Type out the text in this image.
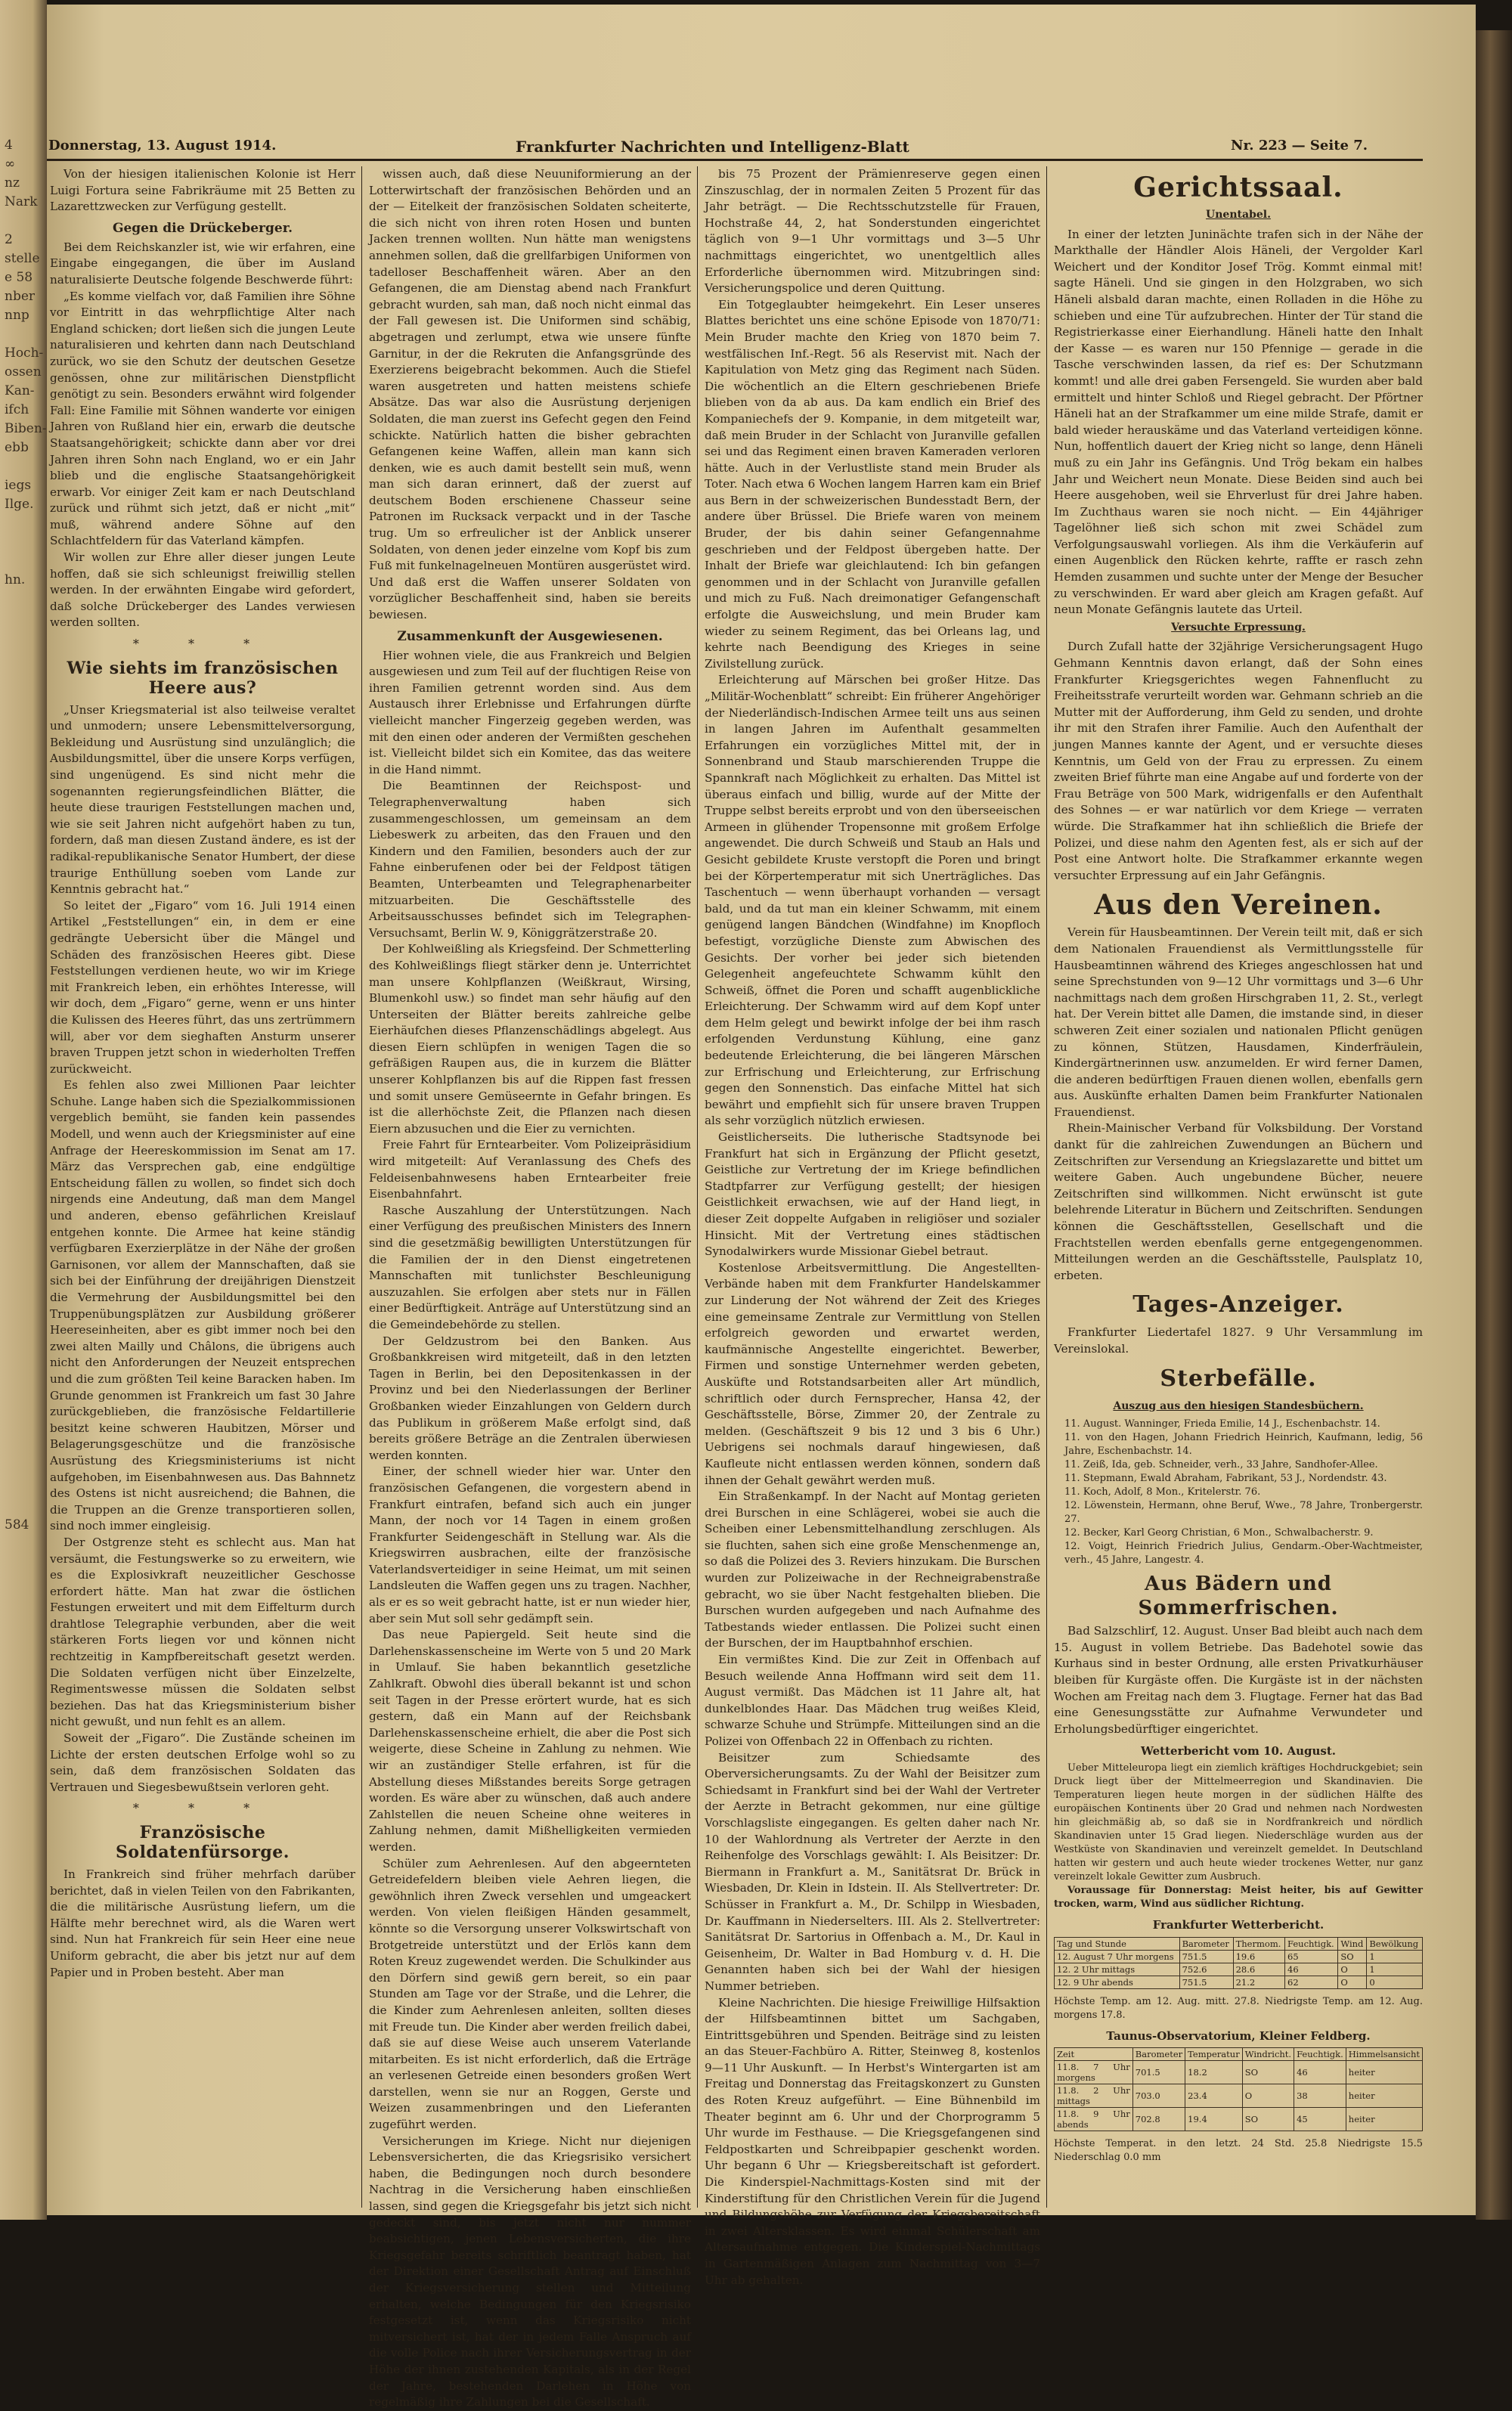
4
∞
nz
Nark

2
stelle
e 58
nber
nnp

Hoch-
ossen
Kan-
ifch
Biben-
ebb

iegs
Ilge.

hn.

584

Donnerstag, 13. August 1914.	Frankfurter Nachrichten und Intelligenz-Blatt	Nr. 223 — Seite 7.

Von der hiesigen italienischen Kolonie ist Herr Luigi Fortura seine Fabrikräume mit 25 Betten zu Lazarettzwecken zur Verfügung gestellt.

Gegen die Drückeberger.

Bei dem Reichskanzler ist, wie wir erfahren, eine Eingabe eingegangen, die über im Ausland naturalisierte Deutsche folgende Beschwerde führt:

„Es komme vielfach vor, daß Familien ihre Söhne vor Eintritt in das wehrpflichtige Alter nach England schicken; dort ließen sich die jungen Leute naturalisieren und kehrten dann nach Deutschland zurück, wo sie den Schutz der deutschen Gesetze genössen, ohne zur militärischen Dienstpflicht genötigt zu sein. Besonders erwähnt wird folgender Fall: Eine Familie mit Söhnen wanderte vor einigen Jahren von Rußland hier ein, erwarb die deutsche Staatsangehörigkeit; schickte dann aber vor drei Jahren ihren Sohn nach England, wo er ein Jahr blieb und die englische Staatsangehörigkeit erwarb. Vor einiger Zeit kam er nach Deutschland zurück und rühmt sich jetzt, daß er nicht „mit“ muß, während andere Söhne auf den Schlachtfeldern für das Vaterland kämpfen.

Wir wollen zur Ehre aller dieser jungen Leute hoffen, daß sie sich schleunigst freiwillig stellen werden. In der erwähnten Eingabe wird gefordert, daß solche Drückeberger des Landes verwiesen werden sollten.

* * *
Wie siehts im französischen Heere aus?

„Unser Kriegsmaterial ist also teilweise veraltet und unmodern; unsere Lebensmittelversorgung, Bekleidung und Ausrüstung sind unzulänglich; die Ausbildungsmittel, über die unsere Korps verfügen, sind ungenügend. Es sind nicht mehr die sogenannten regierungsfeindlichen Blätter, die heute diese traurigen Feststellungen machen und, wie sie seit Jahren nicht aufgehört haben zu tun, fordern, daß man diesen Zustand ändere, es ist der radikal-republikanische Senator Humbert, der diese traurige Enthüllung soeben vom Lande zur Kenntnis gebracht hat.“

So leitet der „Figaro“ vom 16. Juli 1914 einen Artikel „Feststellungen“ ein, in dem er eine gedrängte Uebersicht über die Mängel und Schäden des französischen Heeres gibt. Diese Feststellungen verdienen heute, wo wir im Kriege mit Frankreich leben, ein erhöhtes Interesse, will wir doch, dem „Figaro“ gerne, wenn er uns hinter die Kulissen des Heeres führt, das uns zertrümmern will, aber vor dem sieghaften Ansturm unserer braven Truppen jetzt schon in wiederholten Treffen zurückweicht.

Es fehlen also zwei Millionen Paar leichter Schuhe. Lange haben sich die Spezialkommissionen vergeblich bemüht, sie fanden kein passendes Modell, und wenn auch der Kriegsminister auf eine Anfrage der Heereskommission im Senat am 17. März das Versprechen gab, eine endgültige Entscheidung fällen zu wollen, so findet sich doch nirgends eine Andeutung, daß man dem Mangel und anderen, ebenso gefährlichen Kreislauf entgehen konnte. Die Armee hat keine ständig verfügbaren Exerzierplätze in der Nähe der großen Garnisonen, vor allem der Mannschaften, daß sie sich bei der Einführung der dreijährigen Dienstzeit die Vermehrung der Ausbildungsmittel bei den Truppenübungsplätzen zur Ausbildung größerer Heereseinheiten, aber es gibt immer noch bei den zwei alten Mailly und Châlons, die übrigens auch nicht den Anforderungen der Neuzeit entsprechen und die zum größten Teil keine Baracken haben. Im Grunde genommen ist Frankreich um fast 30 Jahre zurückgeblieben, die französische Feldartillerie besitzt keine schweren Haubitzen, Mörser und Belagerungsgeschütze und die französische Ausrüstung des Kriegsministeriums ist nicht aufgehoben, im Eisenbahnwesen aus. Das Bahnnetz des Ostens ist nicht ausreichend; die Bahnen, die die Truppen an die Grenze transportieren sollen, sind noch immer eingleisig.

Der Ostgrenze steht es schlecht aus. Man hat versäumt, die Festungswerke so zu erweitern, wie es die Explosivkraft neuzeitlicher Geschosse erfordert hätte. Man hat zwar die östlichen Festungen erweitert und mit dem Eiffelturm durch drahtlose Telegraphie verbunden, aber die weit stärkeren Forts liegen vor und können nicht rechtzeitig in Kampfbereitschaft gesetzt werden. Die Soldaten verfügen nicht über Einzelzelte, Regimentswesse müssen die Soldaten selbst beziehen. Das hat das Kriegsministerium bisher nicht gewußt, und nun fehlt es an allem.

Soweit der „Figaro“. Die Zustände scheinen im Lichte der ersten deutschen Erfolge wohl so zu sein, daß dem französischen Soldaten das Vertrauen und Siegesbewußtsein verloren geht.

* * *
Französische Soldatenfürsorge.

In Frankreich sind früher mehrfach darüber berichtet, daß in vielen Teilen von den Fabrikanten, die die militärische Ausrüstung liefern, um die Hälfte mehr berechnet wird, als die Waren wert sind. Nun hat Frankreich für sein Heer eine neue Uniform gebracht, die aber bis jetzt nur auf dem Papier und in Proben besteht. Aber man

wissen auch, daß diese Neuuniformierung an der Lotterwirtschaft der französischen Behörden und an der — Eitelkeit der französischen Soldaten scheiterte, die sich nicht von ihren roten Hosen und bunten Jacken trennen wollten. Nun hätte man wenigstens annehmen sollen, daß die grellfarbigen Uniformen von tadelloser Beschaffenheit wären. Aber an den Gefangenen, die am Dienstag abend nach Frankfurt gebracht wurden, sah man, daß noch nicht einmal das der Fall gewesen ist. Die Uniformen sind schäbig, abgetragen und zerlumpt, etwa wie unsere fünfte Garnitur, in der die Rekruten die Anfangsgründe des Exerzierens beigebracht bekommen. Auch die Stiefel waren ausgetreten und hatten meistens schiefe Absätze. Das war also die Ausrüstung derjenigen Soldaten, die man zuerst ins Gefecht gegen den Feind schickte. Natürlich hatten die bisher gebrachten Gefangenen keine Waffen, allein man kann sich denken, wie es auch damit bestellt sein muß, wenn man sich daran erinnert, daß der zuerst auf deutschem Boden erschienene Chasseur seine Patronen im Rucksack verpackt und in der Tasche trug. Um so erfreulicher ist der Anblick unserer Soldaten, von denen jeder einzelne vom Kopf bis zum Fuß mit funkelnagelneuen Montüren ausgerüstet wird. Und daß erst die Waffen unserer Soldaten von vorzüglicher Beschaffenheit sind, haben sie bereits bewiesen.

Zusammenkunft der Ausgewiesenen.

Hier wohnen viele, die aus Frankreich und Belgien ausgewiesen und zum Teil auf der fluchtigen Reise von ihren Familien getrennt worden sind. Aus dem Austausch ihrer Erlebnisse und Erfahrungen dürfte vielleicht mancher Fingerzeig gegeben werden, was mit den einen oder anderen der Vermißten geschehen ist. Vielleicht bildet sich ein Komitee, das das weitere in die Hand nimmt.

Die Beamtinnen der Reichspost- und Telegraphenverwaltung haben sich zusammengeschlossen, um gemeinsam an dem Liebeswerk zu arbeiten, das den Frauen und den Kindern und den Familien, besonders auch der zur Fahne einberufenen oder bei der Feldpost tätigen Beamten, Unterbeamten und Telegraphenarbeiter mitzuarbeiten. Die Geschäftsstelle des Arbeitsausschusses befindet sich im Telegraphen-Versuchsamt, Berlin W. 9, Königgrätzerstraße 20.

Der Kohlweißling als Kriegsfeind. Der Schmetterling des Kohlweißlings fliegt stärker denn je. Unterrichtet man unsere Kohlpflanzen (Weißkraut, Wirsing, Blumenkohl usw.) so findet man sehr häufig auf den Unterseiten der Blätter bereits zahlreiche gelbe Eierhäufchen dieses Pflanzenschädlings abgelegt. Aus diesen Eiern schlüpfen in wenigen Tagen die so gefräßigen Raupen aus, die in kurzem die Blätter unserer Kohlpflanzen bis auf die Rippen fast fressen und somit unsere Gemüseernte in Gefahr bringen. Es ist die allerhöchste Zeit, die Pflanzen nach diesen Eiern abzusuchen und die Eier zu vernichten.

Freie Fahrt für Erntearbeiter. Vom Polizeipräsidium wird mitgeteilt: Auf Veranlassung des Chefs des Feldeisenbahnwesens haben Erntearbeiter freie Eisenbahnfahrt.

Rasche Auszahlung der Unterstützungen. Nach einer Verfügung des preußischen Ministers des Innern sind die gesetzmäßig bewilligten Unterstützungen für die Familien der in den Dienst eingetretenen Mannschaften mit tunlichster Beschleunigung auszuzahlen. Sie erfolgen aber stets nur in Fällen einer Bedürftigkeit. Anträge auf Unterstützung sind an die Gemeindebehörde zu stellen.

Der Geldzustrom bei den Banken. Aus Großbankkreisen wird mitgeteilt, daß in den letzten Tagen in Berlin, bei den Depositenkassen in der Provinz und bei den Niederlassungen der Berliner Großbanken wieder Einzahlungen von Geldern durch das Publikum in größerem Maße erfolgt sind, daß bereits größere Beträge an die Zentralen überwiesen werden konnten.

Einer, der schnell wieder hier war. Unter den französischen Gefangenen, die vorgestern abend in Frankfurt eintrafen, befand sich auch ein junger Mann, der noch vor 14 Tagen in einem großen Frankfurter Seidengeschäft in Stellung war. Als die Kriegswirren ausbrachen, eilte der französische Vaterlandsverteidiger in seine Heimat, um mit seinen Landsleuten die Waffen gegen uns zu tragen. Nachher, als er es so weit gebracht hatte, ist er nun wieder hier, aber sein Mut soll sehr gedämpft sein.

Das neue Papiergeld. Seit heute sind die Darlehenskassenscheine im Werte von 5 und 20 Mark in Umlauf. Sie haben bekanntlich gesetzliche Zahlkraft. Obwohl dies überall bekannt ist und schon seit Tagen in der Presse erörtert wurde, hat es sich gestern, daß ein Mann auf der Reichsbank Darlehenskassenscheine erhielt, die aber die Post sich weigerte, diese Scheine in Zahlung zu nehmen. Wie wir an zuständiger Stelle erfahren, ist für die Abstellung dieses Mißstandes bereits Sorge getragen worden. Es wäre aber zu wünschen, daß auch andere Zahlstellen die neuen Scheine ohne weiteres in Zahlung nehmen, damit Mißhelligkeiten vermieden werden.

Schüler zum Aehrenlesen. Auf den abgeernteten Getreidefeldern bleiben viele Aehren liegen, die gewöhnlich ihren Zweck versehlen und umgeackert werden. Von vielen fleißigen Händen gesammelt, könnte so die Versorgung unserer Volkswirtschaft von Brotgetreide unterstützt und der Erlös kann dem Roten Kreuz zugewendet werden. Die Schulkinder aus den Dörfern sind gewiß gern bereit, so ein paar Stunden am Tage vor der Straße, und die Lehrer, die die Kinder zum Aehrenlesen anleiten, sollten dieses mit Freude tun. Die Kinder aber werden freilich dabei, daß sie auf diese Weise auch unserem Vaterlande mitarbeiten. Es ist nicht erforderlich, daß die Erträge an verlesenen Getreide einen besonders großen Wert darstellen, wenn sie nur an Roggen, Gerste und Weizen zusammenbringen und den Lieferanten zugeführt werden.

Versicherungen im Kriege. Nicht nur diejenigen Lebensversicherten, die das Kriegsrisiko versichert haben, die Bedingungen noch durch besondere Nachtrag in die Versicherung haben einschließen lassen, sind gegen die Kriegsgefahr bis jetzt sich nicht gedeckt sind, bis jetzt nicht nur nummer beabsichtigen, jenen Lebensversicherten, die ihre Kriegsgefahr bereits schriftlich beantragt haben, hat der Direktion einer Gesellschaft Antrag auf Einschluß der Kriegsversicherung stellen und Mitteilung erhalten, welche Bedingungen für den Kriegsrisiko festgesetzt ist, wenn das Kriegsrisiko nicht mitversichert ist, hat der in jedem Falle Anspruch auf die volle Police nach ihrer Versicherungsvertrag in der Höhe der ihnen zustehenden Kapitals, als in der Regel der Jahre, bestehenden Darlehen in Höhe von regelmäßig ihre Zahlungen bei die Gesellschaft.

bis 75 Prozent der Prämienreserve gegen einen Zinszuschlag, der in normalen Zeiten 5 Prozent für das Jahr beträgt. — Die Rechtsschutzstelle für Frauen, Hochstraße 44, 2, hat Sonderstunden eingerichtet täglich von 9—1 Uhr vormittags und 3—5 Uhr nachmittags eingerichtet, wo unentgeltlich alles Erforderliche übernommen wird. Mitzubringen sind: Versicherungspolice und deren Quittung.

Ein Totgeglaubter heimgekehrt. Ein Leser unseres Blattes berichtet uns eine schöne Episode von 1870/71: Mein Bruder machte den Krieg von 1870 beim 7. westfälischen Inf.-Regt. 56 als Reservist mit. Nach der Kapitulation von Metz ging das Regiment nach Süden. Die wöchentlich an die Eltern geschriebenen Briefe blieben von da ab aus. Da kam endlich ein Brief des Kompaniechefs der 9. Kompanie, in dem mitgeteilt war, daß mein Bruder in der Schlacht von Juranville gefallen sei und das Regiment einen braven Kameraden verloren hätte. Auch in der Verlustliste stand mein Bruder als Toter. Nach etwa 6 Wochen langem Harren kam ein Brief aus Bern in der schweizerischen Bundesstadt Bern, der andere über Brüssel. Die Briefe waren von meinem Bruder, der bis dahin seiner Gefangennahme geschrieben und der Feldpost übergeben hatte. Der Inhalt der Briefe war gleichlautend: Ich bin gefangen genommen und in der Schlacht von Juranville gefallen und mich zu Fuß. Nach dreimonatiger Gefangenschaft erfolgte die Ausweichslung, und mein Bruder kam wieder zu seinem Regiment, das bei Orleans lag, und kehrte nach Beendigung des Krieges in seine Zivilstellung zurück.

Erleichterung auf Märschen bei großer Hitze. Das „Militär-Wochenblatt“ schreibt: Ein früherer Angehöriger der Niederländisch-Indischen Armee teilt uns aus seinen in langen Jahren im Aufenthalt gesammelten Erfahrungen ein vorzügliches Mittel mit, der in Sonnenbrand und Staub marschierenden Truppe die Spannkraft nach Möglichkeit zu erhalten. Das Mittel ist überaus einfach und billig, wurde auf der Mitte der Truppe selbst bereits erprobt und von den überseeischen Armeen in glühender Tropensonne mit großem Erfolge angewendet. Die durch Schweiß und Staub an Hals und Gesicht gebildete Kruste verstopft die Poren und bringt bei der Körpertemperatur mit sich Unerträgliches. Das Taschentuch — wenn überhaupt vorhanden — versagt bald, und da tut man ein kleiner Schwamm, mit einem genügend langen Bändchen (Windfahne) im Knopfloch befestigt, vorzügliche Dienste zum Abwischen des Gesichts. Der vorher bei jeder sich bietenden Gelegenheit angefeuchtete Schwamm kühlt den Schweiß, öffnet die Poren und schafft augenblickliche Erleichterung. Der Schwamm wird auf dem Kopf unter dem Helm gelegt und bewirkt infolge der bei ihm rasch erfolgenden Verdunstung Kühlung, eine ganz bedeutende Erleichterung, die bei längeren Märschen zur Erfrischung und Erleichterung, zur Erfrischung gegen den Sonnenstich. Das einfache Mittel hat sich bewährt und empfiehlt sich für unsere braven Truppen als sehr vorzüglich nützlich erwiesen.

Geistlicherseits. Die lutherische Stadtsynode bei Frankfurt hat sich in Ergänzung der Pflicht gesetzt, Geistliche zur Vertretung der im Kriege befindlichen Stadtpfarrer zur Verfügung gestellt; der hiesigen Geistlichkeit erwachsen, wie auf der Hand liegt, in dieser Zeit doppelte Aufgaben in religiöser und sozialer Hinsicht. Mit der Vertretung eines städtischen Synodalwirkers wurde Missionar Giebel betraut.

Kostenlose Arbeitsvermittlung. Die Angestellten-Verbände haben mit dem Frankfurter Handelskammer zur Linderung der Not während der Zeit des Krieges eine gemeinsame Zentrale zur Vermittlung von Stellen erfolgreich geworden und erwartet werden, kaufmännische Angestellte eingerichtet. Bewerber, Firmen und sonstige Unternehmer werden gebeten, Ausküfte und Rotstandsarbeiten aller Art mündlich, schriftlich oder durch Fernsprecher, Hansa 42, der Geschäftsstelle, Börse, Zimmer 20, der Zentrale zu melden. (Geschäftszeit 9 bis 12 und 3 bis 6 Uhr.) Uebrigens sei nochmals darauf hingewiesen, daß Kaufleute nicht entlassen werden können, sondern daß ihnen der Gehalt gewährt werden muß.

Ein Straßenkampf. In der Nacht auf Montag gerieten drei Burschen in eine Schlägerei, wobei sie auch die Scheiben einer Lebensmittelhandlung zerschlugen. Als sie fluchten, sahen sich eine große Menschenmenge an, so daß die Polizei des 3. Reviers hinzukam. Die Burschen wurden zur Polizeiwache in der Rechneigrabenstraße gebracht, wo sie über Nacht festgehalten blieben. Die Burschen wurden aufgegeben und nach Aufnahme des Tatbestands wieder entlassen. Die Polizei sucht einen der Burschen, der im Hauptbahnhof erschien.

Ein vermißtes Kind. Die zur Zeit in Offenbach auf Besuch weilende Anna Hoffmann wird seit dem 11. August vermißt. Das Mädchen ist 11 Jahre alt, hat dunkelblondes Haar. Das Mädchen trug weißes Kleid, schwarze Schuhe und Strümpfe. Mitteilungen sind an die Polizei von Offenbach 22 in Offenbach zu richten.

Beisitzer zum Schiedsamte des Oberversicherungsamts. Zu der Wahl der Beisitzer zum Schiedsamt in Frankfurt sind bei der Wahl der Vertreter der Aerzte in Betracht gekommen, nur eine gültige Vorschlagsliste eingegangen. Es gelten daher nach Nr. 10 der Wahlordnung als Vertreter der Aerzte in den Reihenfolge des Vorschlags gewählt: I. Als Beisitzer: Dr. Biermann in Frankfurt a. M., Sanitätsrat Dr. Brück in Wiesbaden, Dr. Klein in Idstein. II. Als Stellvertreter: Dr. Schüsser in Frankfurt a. M., Dr. Schilpp in Wiesbaden, Dr. Kauffmann in Niederselters. III. Als 2. Stellvertreter: Sanitätsrat Dr. Sartorius in Offenbach a. M., Dr. Kaul in Geisenheim, Dr. Walter in Bad Homburg v. d. H. Die Genannten haben sich bei der Wahl der hiesigen Nummer betrieben.

Kleine Nachrichten. Die hiesige Freiwillige Hilfsaktion der Hilfsbeamtinnen bittet um Sachgaben, Eintrittsgebühren und Spenden. Beiträge sind zu leisten an das Steuer-Fachbüro A. Ritter, Steinweg 8, kostenlos 9—11 Uhr Auskunft. — In Herbst's Wintergarten ist am Freitag und Donnerstag das Freitagskonzert zu Gunsten des Roten Kreuz aufgeführt. — Eine Bühnenbild im Theater beginnt am 6. Uhr und der Chorprogramm 5 Uhr wurde im Festhause. — Die Kriegsgefangenen sind Feldpostkarten und Schreibpapier geschenkt worden. Uhr begann 6 Uhr — Kriegsbereitschaft ist gefordert. Die Kinderspiel-Nachmittags-Kosten sind mit der Kinderstiftung für den Christlichen Verein für die Jugend und Bildungshöhe zur Verfügung der Kriegsbereitschaft in zwei Altersklassen. Es wird einmal Schülerschaft am Altersaufnahme entgegen. Die Kinderspiel-Nachmittags in Gartenmäßigen Anlagen zum Nachmittag von 3—7 Uhr ab gehalten.

Gerichtssaal.
Unentabel.

In einer der letzten Juninächte trafen sich in der Nähe der Markthalle der Händler Alois Häneli, der Vergolder Karl Weichert und der Konditor Josef Trög. Kommt einmal mit! sagte Häneli. Und sie gingen in den Holzgraben, wo sich Häneli alsbald daran machte, einen Rolladen in die Höhe zu schieben und eine Tür aufzubrechen. Hinter der Tür stand die Registrierkasse einer Eierhandlung. Häneli hatte den Inhalt der Kasse — es waren nur 150 Pfennige — gerade in die Tasche verschwinden lassen, da rief es: Der Schutzmann kommt! und alle drei gaben Fersengeld. Sie wurden aber bald ermittelt und hinter Schloß und Riegel gebracht. Der Pförtner Häneli hat an der Strafkammer um eine milde Strafe, damit er bald wieder herauskäme und das Vaterland verteidigen könne. Nun, hoffentlich dauert der Krieg nicht so lange, denn Häneli muß zu ein Jahr ins Gefängnis. Und Trög bekam ein halbes Jahr und Weichert neun Monate. Diese Beiden sind auch bei Heere ausgehoben, weil sie Ehrverlust für drei Jahre haben. Im Zuchthaus waren sie noch nicht. — Ein 44jähriger Tagelöhner ließ sich schon mit zwei Schädel zum Verfolgungsauswahl vorliegen. Als ihm die Verkäuferin auf einen Augenblick den Rücken kehrte, raffte er rasch zehn Hemden zusammen und suchte unter der Menge der Besucher zu verschwinden. Er ward aber gleich am Kragen gefaßt. Auf neun Monate Gefängnis lautete das Urteil.

Versuchte Erpressung.

Durch Zufall hatte der 32jährige Versicherungsagent Hugo Gehmann Kenntnis davon erlangt, daß der Sohn eines Frankfurter Kriegsgerichtes wegen Fahnenflucht zu Freiheitsstrafe verurteilt worden war. Gehmann schrieb an die Mutter mit der Aufforderung, ihm Geld zu senden, und drohte ihr mit den Strafen ihrer Familie. Auch den Aufenthalt der jungen Mannes kannte der Agent, und er versuchte dieses Kenntnis, um Geld von der Frau zu erpressen. Zu einem zweiten Brief führte man eine Angabe auf und forderte von der Frau Beträge von 500 Mark, widrigenfalls er den Aufenthalt des Sohnes — er war natürlich vor dem Kriege — verraten würde. Die Strafkammer hat ihn schließlich die Briefe der Polizei, und diese nahm den Agenten fest, als er sich auf der Post eine Antwort holte. Die Strafkammer erkannte wegen versuchter Erpressung auf ein Jahr Gefängnis.

Aus den Vereinen.

Verein für Hausbeamtinnen. Der Verein teilt mit, daß er sich dem Nationalen Frauendienst als Vermittlungsstelle für Hausbeamtinnen während des Krieges angeschlossen hat und seine Sprechstunden von 9—12 Uhr vormittags und 3—6 Uhr nachmittags nach dem großen Hirschgraben 11, 2. St., verlegt hat. Der Verein bittet alle Damen, die imstande sind, in dieser schweren Zeit einer sozialen und nationalen Pflicht genügen zu können, Stützen, Hausdamen, Kinderfräulein, Kindergärtnerinnen usw. anzumelden. Er wird ferner Damen, die anderen bedürftigen Frauen dienen wollen, ebenfalls gern aus. Auskünfte erhalten Damen beim Frankfurter Nationalen Frauendienst.

Rhein-Mainischer Verband für Volksbildung. Der Vorstand dankt für die zahlreichen Zuwendungen an Büchern und Zeitschriften zur Versendung an Kriegslazarette und bittet um weitere Gaben. Auch ungebundene Bücher, neuere Zeitschriften sind willkommen. Nicht erwünscht ist gute belehrende Literatur in Büchern und Zeitschriften. Sendungen können die Geschäftsstellen, Gesellschaft und die Frachtstellen werden ebenfalls gerne entgegengenommen. Mitteilungen werden an die Geschäftsstelle, Paulsplatz 10, erbeten.

Tages-Anzeiger.

Frankfurter Liedertafel 1827. 9 Uhr Versammlung im Vereinslokal.

Sterbefälle.
Auszug aus den hiesigen Standesbüchern.

11. August. Wanninger, Frieda Emilie, 14 J., Eschenbachstr. 14.

11. von den Hagen, Johann Friedrich Heinrich, Kaufmann, ledig, 56 Jahre, Eschenbachstr. 14.

11. Zeiß, Ida, geb. Schneider, verh., 33 Jahre, Sandhofer-Allee.

11. Stepmann, Ewald Abraham, Fabrikant, 53 J., Nordendstr. 43.

11. Koch, Adolf, 8 Mon., Kritelerstr. 76.

12. Löwenstein, Hermann, ohne Beruf, Wwe., 78 Jahre, Tronbergerstr. 27.

12. Becker, Karl Georg Christian, 6 Mon., Schwalbacherstr. 9.

12. Voigt, Heinrich Friedrich Julius, Gendarm.-Ober-Wachtmeister, verh., 45 Jahre, Langestr. 4.

Aus Bädern und Sommerfrischen.

Bad Salzschlirf, 12. August. Unser Bad bleibt auch nach dem 15. August in vollem Betriebe. Das Badehotel sowie das Kurhaus sind in bester Ordnung, alle ersten Privatkurhäuser bleiben für Kurgäste offen. Die Kurgäste ist in der nächsten Wochen am Freitag nach dem 3. Flugtage. Ferner hat das Bad eine Genesungsstätte zur Aufnahme Verwundeter und Erholungsbedürftiger eingerichtet.

Wetterbericht vom 10. August.

Ueber Mitteleuropa liegt ein ziemlich kräftiges Hochdruckgebiet; sein Druck liegt über der Mittelmeerregion und Skandinavien. Die Temperaturen liegen heute morgen in der südlichen Hälfte des europäischen Kontinents über 20 Grad und nehmen nach Nordwesten hin gleichmäßig ab, so daß sie in Nordfrankreich und nördlich Skandinavien unter 15 Grad liegen. Niederschläge wurden aus der Westküste von Skandinavien und vereinzelt gemeldet. In Deutschland hatten wir gestern und auch heute wieder trockenes Wetter, nur ganz vereinzelt lokale Gewitter zum Ausbruch.

Voraussage für Donnerstag: Meist heiter, bis auf Gewitter trocken, warm, Wind aus südlicher Richtung.

Frankfurter Wetterbericht.
Tag und Stunde	Barometer	Thermom.	Feuchtigk.	Wind	Bewölkung
12. August 7 Uhr morgens	751.5	19.6	65	SO	1
12. 2 Uhr mittags	752.6	28.6	46	O	1
12. 9 Uhr abends	751.5	21.2	62	O	0

Höchste Temp. am 12. Aug. mitt. 27.8. Niedrigste Temp. am 12. Aug. morgens 17.8.

Taunus-Observatorium, Kleiner Feldberg.
Zeit	Barometer	Temperatur	Windricht.	Feuchtigk.	Himmelsansicht
11.8. 7 Uhr morgens	701.5	18.2	SO	46	heiter
11.8. 2 Uhr mittags	703.0	23.4	O	38	heiter
11.8. 9 Uhr abends	702.8	19.4	SO	45	heiter

Höchste Temperat. in den letzt. 24 Std. 25.8 Niedrigste 15.5 Niederschlag 0.0 mm
